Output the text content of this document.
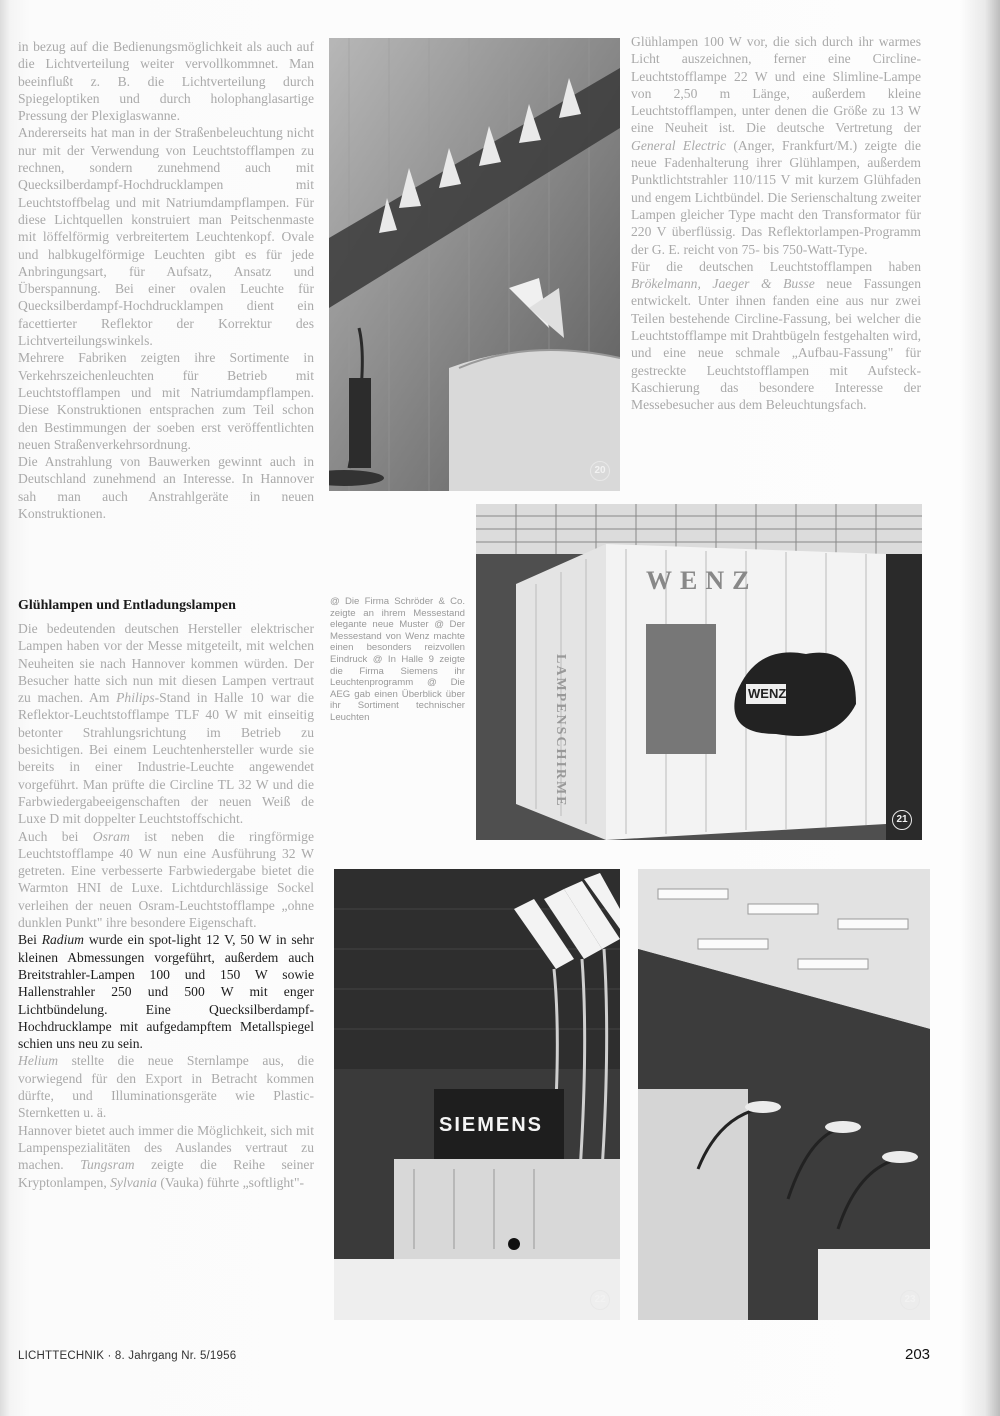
in bezug auf die Bedienungsmöglichkeit als auch auf die Lichtverteilung weiter vervollkommnet. Man beeinflußt z. B. die Lichtverteilung durch Spiegeloptiken und durch holophanglasartige Pressung der Plexiglaswanne.

Andererseits hat man in der Straßenbeleuchtung nicht nur mit der Verwendung von Leuchtstofflampen zu rechnen, sondern zunehmend auch mit Quecksilberdampf-Hochdrucklampen mit Leuchtstoffbelag und mit Natriumdampflampen. Für diese Lichtquellen konstruiert man Peitschenmaste mit löffelförmig verbreitertem Leuchtenkopf. Ovale und halbkugelförmige Leuchten gibt es für jede Anbringungsart, für Aufsatz, Ansatz und Überspannung. Bei einer ovalen Leuchte für Quecksilberdampf-Hochdrucklampen dient ein facettierter Reflektor der Korrektur des Lichtverteilungswinkels.

Mehrere Fabriken zeigten ihre Sortimente in Verkehrszeichenleuchten für Betrieb mit Leuchtstofflampen und mit Natriumdampflampen. Diese Konstruktionen entsprachen zum Teil schon den Bestimmungen der soeben erst veröffentlichten neuen Straßenverkehrsordnung.

Die Anstrahlung von Bauwerken gewinnt auch in Deutschland zunehmend an Interesse. In Hannover sah man auch Anstrahlgeräte in neuen Konstruktionen.

Glühlampen und Entladungslampen

Die bedeutenden deutschen Hersteller elektrischer Lampen haben vor der Messe mitgeteilt, mit welchen Neuheiten sie nach Hannover kommen würden. Der Besucher hatte sich nun mit diesen Lampen vertraut zu machen. Am Philips-Stand in Halle 10 war die Reflektor-Leuchtstofflampe TLF 40 W mit einseitig betonter Strahlungsrichtung im Betrieb zu besichtigen. Bei einem Leuchtenhersteller wurde sie bereits in einer Industrie-Leuchte angewendet vorgeführt. Man prüfte die Circline TL 32 W und die Farbwiedergabeeigenschaften der neuen Weiß de Luxe D mit doppelter Leuchtstoffschicht.

Auch bei Osram ist neben die ringförmige Leuchtstofflampe 40 W nun eine Ausführung 32 W getreten. Eine verbesserte Farbwiedergabe bietet die Warmton HNI de Luxe. Lichtdurchlässige Sockel verleihen der neuen Osram-Leuchtstofflampe „ohne dunklen Punkt" ihre besondere Eigenschaft.

Bei Radium wurde ein spot-light 12 V, 50 W in sehr kleinen Abmessungen vorgeführt, außerdem auch Breitstrahler-Lampen 100 und 150 W sowie Hallenstrahler 250 und 500 W mit enger Lichtbündelung. Eine Quecksilberdampf-Hochdrucklampe mit aufgedampftem Metallspiegel schien uns neu zu sein.

Helium stellte die neue Sternlampe aus, die vorwiegend für den Export in Betracht kommen dürfte, und Illuminationsgeräte wie Plastic-Sternketten u. ä.

Hannover bietet auch immer die Möglichkeit, sich mit Lampenspezialitäten des Auslandes vertraut zu machen. Tungsram zeigte die Reihe seiner Kryptonlampen, Sylvania (Vauka) führte „softlight"-

Glühlampen 100 W vor, die sich durch ihr warmes Licht auszeichnen, ferner eine Circline-Leuchtstofflampe 22 W und eine Slimline-Lampe von 2,50 m Länge, außerdem kleine Leuchtstofflampen, unter denen die Größe zu 13 W eine Neuheit ist. Die deutsche Vertretung der General Electric (Anger, Frankfurt/M.) zeigte die neue Fadenhalterung ihrer Glühlampen, außerdem Punktlichtstrahler 110/115 V mit kurzem Glühfaden und engem Lichtbündel. Die Serienschaltung zweiter Lampen gleicher Type macht den Transformator für 220 V überflüssig. Das Reflektorlampen-Programm der G. E. reicht von 75- bis 750-Watt-Type.

Für die deutschen Leuchtstofflampen haben Brökelmann, Jaeger & Busse neue Fassungen entwickelt. Unter ihnen fanden eine aus nur zwei Teilen bestehende Circline-Fassung, bei welcher die Leuchtstofflampe mit Drahtbügeln festgehalten wird, und eine neue schmale „Aufbau-Fassung" für gestreckte Leuchtstofflampen mit Aufsteck-Kaschierung das besondere Interesse der Messebesucher aus dem Beleuchtungsfach.

@ Die Firma Schröder & Co. zeigte an ihrem Messestand elegante neue Muster @ Der Messestand von Wenz machte einen besonders reizvollen Eindruck @ In Halle 9 zeigte die Firma Siemens ihr Leuchtenprogramm @ Die AEG gab einen Überblick über ihr Sortiment technischer Leuchten
20
WENZ
LAMPENSCHIRME	WENZ
21
SIEMENS
22	23
LICHTTECHNIK · 8. Jahrgang Nr. 5/1956	203
